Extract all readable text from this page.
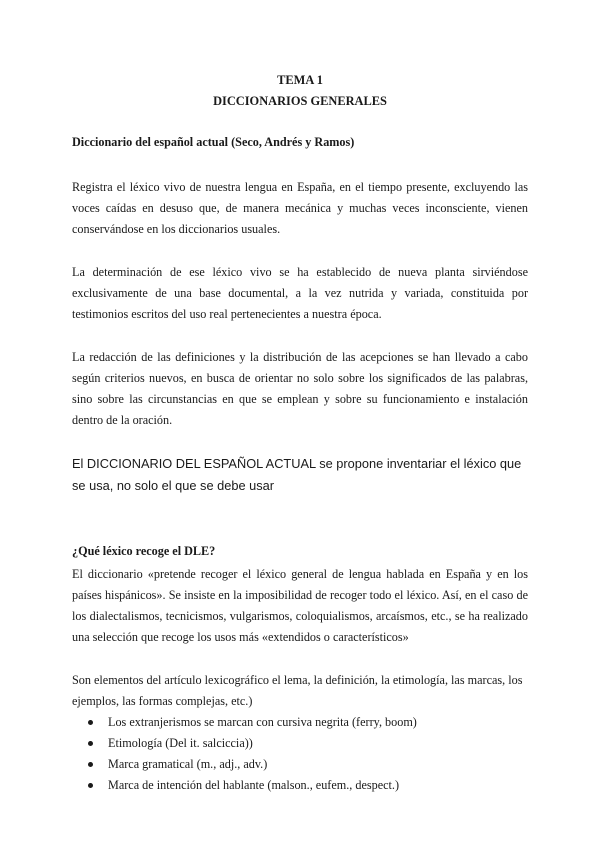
TEMA 1
DICCIONARIOS GENERALES
Diccionario del español actual (Seco, Andrés y Ramos)

Registra el léxico vivo de nuestra lengua en España, en el tiempo presente, excluyendo las voces caídas en desuso que, de manera mecánica y muchas veces inconsciente, vienen conservándose en los diccionarios usuales.

La determinación de ese léxico vivo se ha establecido de nueva planta sirviéndose exclusivamente de una base documental, a la vez nutrida y variada, constituida por testimonios escritos del uso real pertenecientes a nuestra época.

La redacción de las definiciones y la distribución de las acepciones se han llevado a cabo según criterios nuevos, en busca de orientar no solo sobre los significados de las palabras, sino sobre las circunstancias en que se emplean y sobre su funcionamiento e instalación dentro de la oración.

El DICCIONARIO DEL ESPAÑOL ACTUAL se propone inventariar el léxico que se usa, no solo el que se debe usar

¿Qué léxico recoge el DLE?

El diccionario «pretende recoger el léxico general de lengua hablada en España y en los países hispánicos». Se insiste en la imposibilidad de recoger todo el léxico. Así, en el caso de los dialectalismos, tecnicismos, vulgarismos, coloquialismos, arcaísmos, etc., se ha realizado una selección que recoge los usos más «extendidos o característicos»

Son elementos del artículo lexicográfico el lema, la definición, la etimología, las marcas, los ejemplos, las formas complejas, etc.)

Los extranjerismos se marcan con cursiva negrita (ferry, boom)
Etimología (Del it. salciccia))
Marca gramatical (m., adj., adv.)
Marca de intención del hablante (malson., eufem., despect.)
